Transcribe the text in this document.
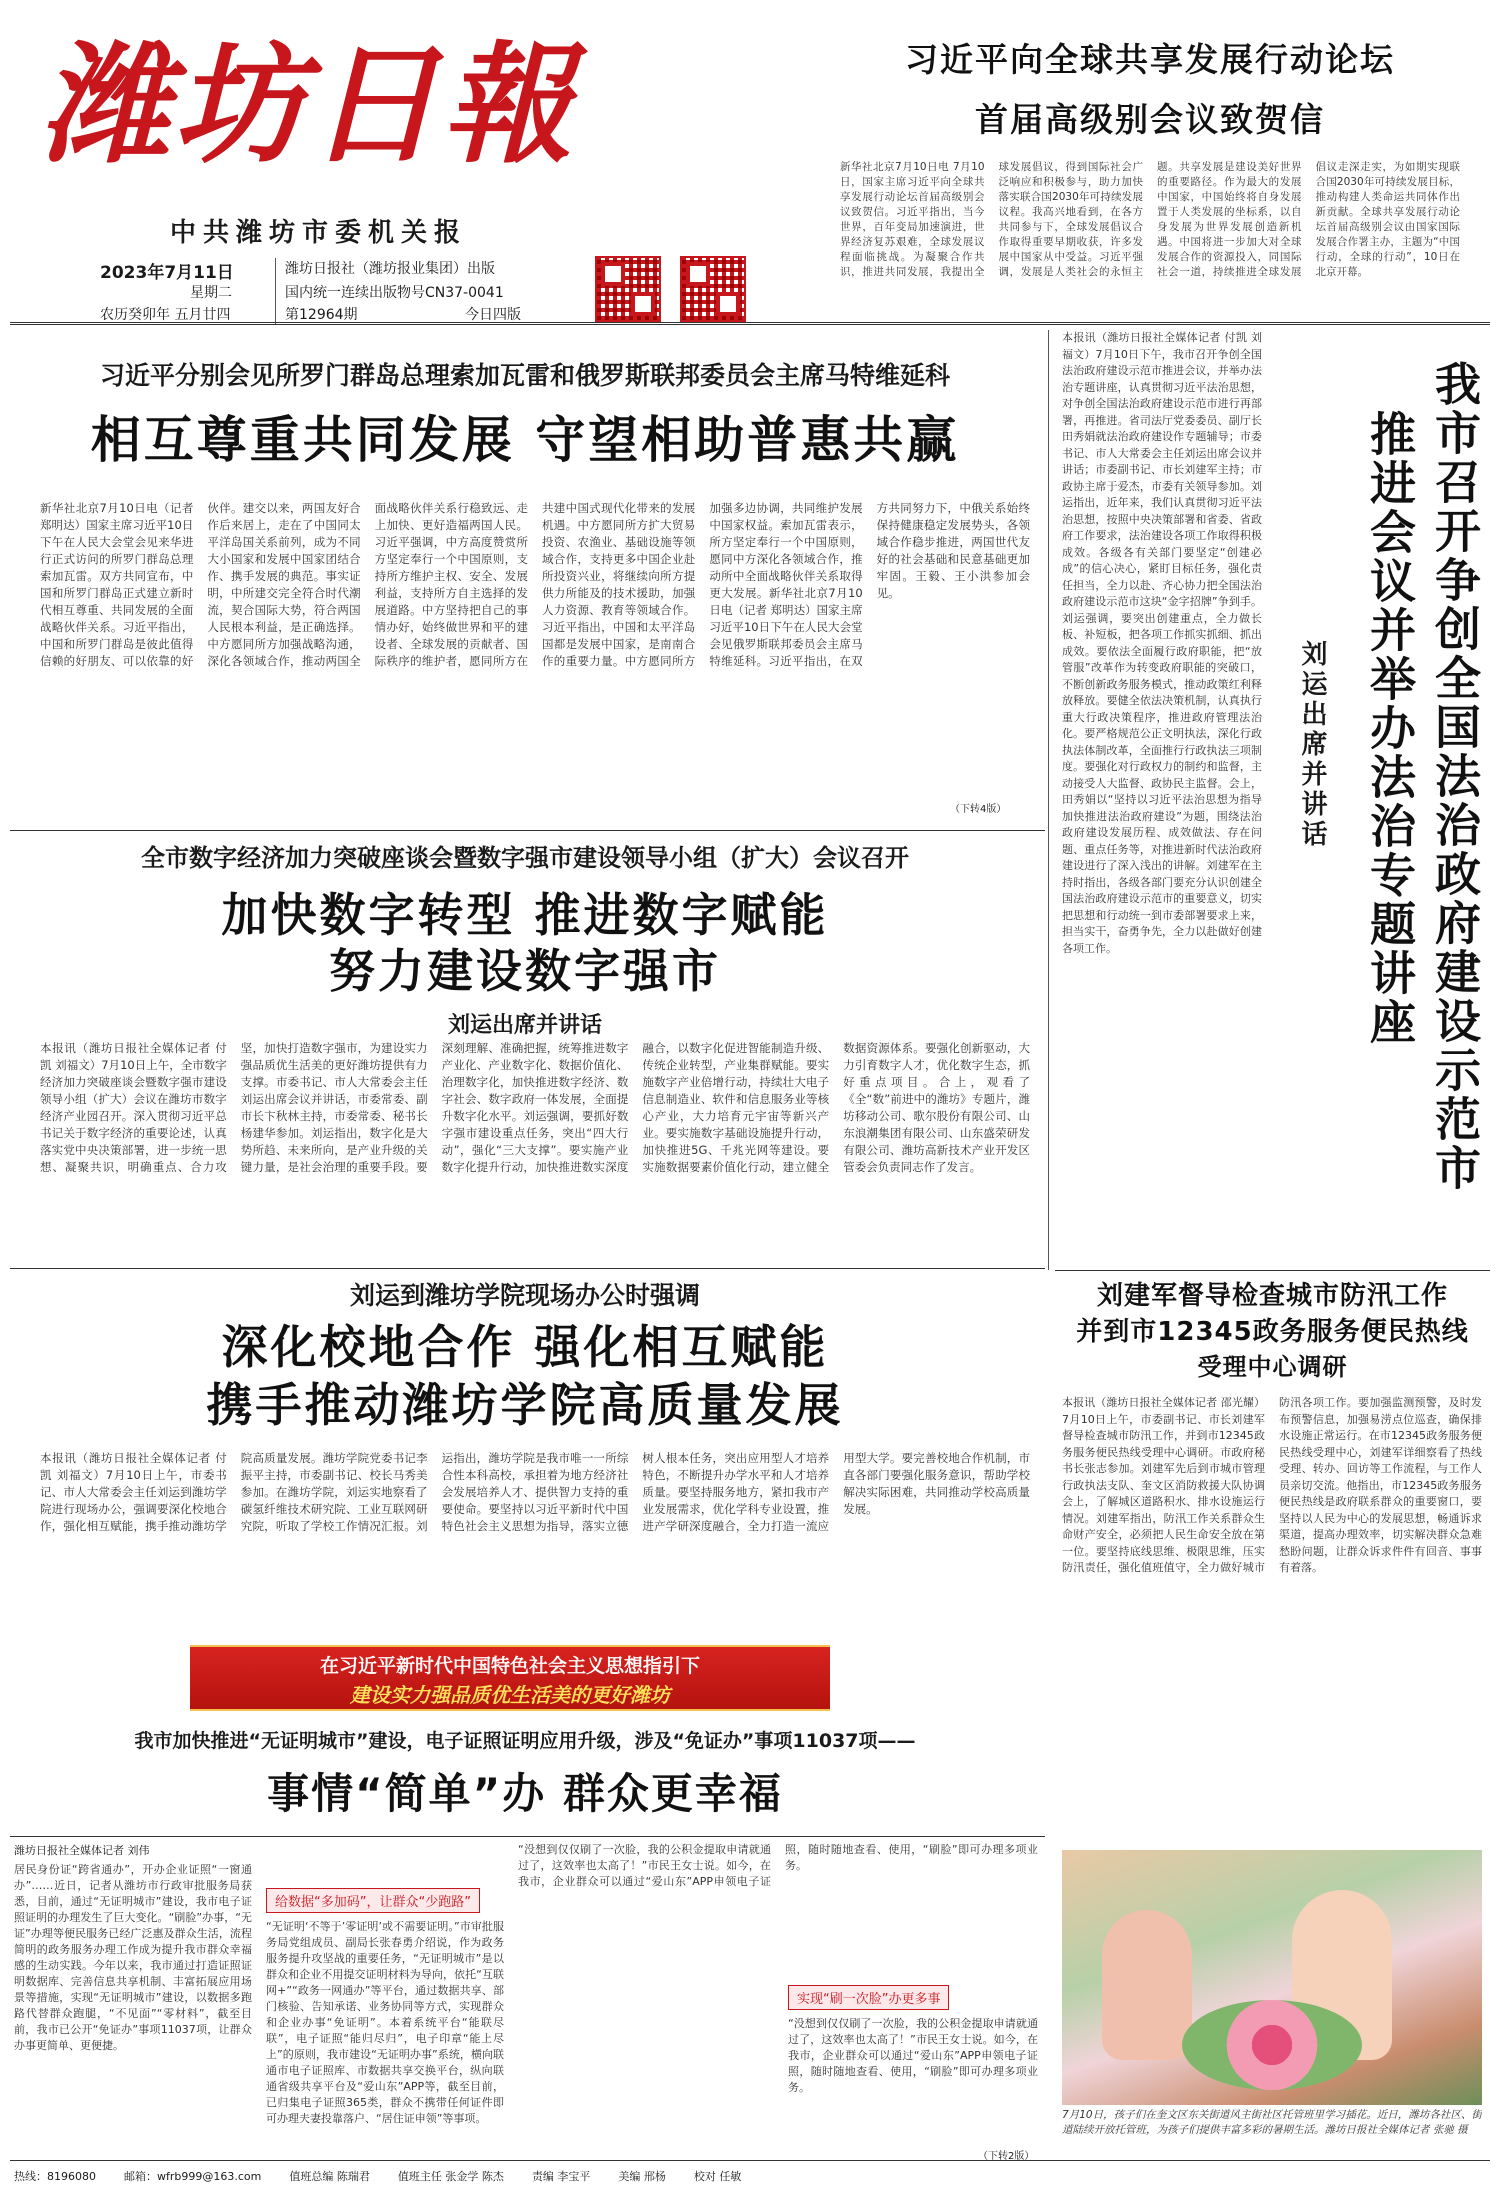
潍坊日報
中共潍坊市委机关报
2023年7月11日
星期二
农历癸卯年 五月廿四
潍坊日报社（潍坊报业集团）出版
国内统一连续出版物号CN37-0041
第12964期	今日四版
习近平向全球共享发展行动论坛
首届高级别会议致贺信
新华社北京7月10日电 7月10日，国家主席习近平向全球共享发展行动论坛首届高级别会议致贺信。习近平指出，当今世界，百年变局加速演进，世界经济复苏艰难，全球发展议程面临挑战。为凝聚合作共识，推进共同发展，我提出全球发展倡议，得到国际社会广泛响应和积极参与，助力加快落实联合国2030年可持续发展议程。我高兴地看到，在各方共同参与下，全球发展倡议合作取得重要早期收获，许多发展中国家从中受益。习近平强调，发展是人类社会的永恒主题。共享发展是建设美好世界的重要路径。作为最大的发展中国家，中国始终将自身发展置于人类发展的坐标系，以自身发展为世界发展创造新机遇。中国将进一步加大对全球发展合作的资源投入，同国际社会一道，持续推进全球发展倡议走深走实，为如期实现联合国2030年可持续发展目标，推动构建人类命运共同体作出新贡献。全球共享发展行动论坛首届高级别会议由国家国际发展合作署主办，主题为“中国行动，全球的行动”，10日在北京开幕。
习近平分别会见所罗门群岛总理索加瓦雷和俄罗斯联邦委员会主席马特维延科
相互尊重共同发展 守望相助普惠共赢
新华社北京7月10日电（记者 郑明达）国家主席习近平10日下午在人民大会堂会见来华进行正式访问的所罗门群岛总理索加瓦雷。双方共同宣布，中国和所罗门群岛正式建立新时代相互尊重、共同发展的全面战略伙伴关系。习近平指出，中国和所罗门群岛是彼此值得信赖的好朋友、可以依靠的好伙伴。建交以来，两国友好合作后来居上，走在了中国同太平洋岛国关系前列，成为不同大小国家和发展中国家团结合作、携手发展的典范。事实证明，中所建交完全符合时代潮流，契合国际大势，符合两国人民根本利益，是正确选择。中方愿同所方加强战略沟通，深化各领域合作，推动两国全面战略伙伴关系行稳致远、走上加快、更好造福两国人民。习近平强调，中方高度赞赏所方坚定奉行一个中国原则，支持所方维护主权、安全、发展利益，支持所方自主选择的发展道路。中方坚持把自己的事情办好，始终做世界和平的建设者、全球发展的贡献者、国际秩序的维护者，愿同所方在共建中国式现代化带来的发展机遇。中方愿同所方扩大贸易投资、农渔业、基础设施等领域合作，支持更多中国企业赴所投资兴业，将继续向所方提供力所能及的技术援助，加强人力资源、教育等领域合作。习近平指出，中国和太平洋岛国都是发展中国家，是南南合作的重要力量。中方愿同所方加强多边协调，共同维护发展中国家权益。索加瓦雷表示，所方坚定奉行一个中国原则，愿同中方深化各领域合作，推动所中全面战略伙伴关系取得更大发展。新华社北京7月10日电（记者 郑明达）国家主席习近平10日下午在人民大会堂会见俄罗斯联邦委员会主席马特维延科。习近平指出，在双方共同努力下，中俄关系始终保持健康稳定发展势头，各领域合作稳步推进，两国世代友好的社会基础和民意基础更加牢固。王毅、王小洪参加会见。
（下转4版）
本报讯（潍坊日报社全媒体记者 付凯 刘福文）7月10日下午，我市召开争创全国法治政府建设示范市推进会议，并举办法治专题讲座，认真贯彻习近平法治思想，对争创全国法治政府建设示范市进行再部署，再推进。省司法厅党委委员、副厅长田秀娟就法治政府建设作专题辅导；市委书记、市人大常委会主任刘运出席会议并讲话；市委副书记、市长刘建军主持；市政协主席于爱杰，市委有关领导参加。刘运指出，近年来，我们认真贯彻习近平法治思想，按照中央决策部署和省委、省政府工作要求，法治建设各项工作取得积极成效。各级各有关部门要坚定“创建必成”的信心决心，紧盯目标任务，强化责任担当，全力以赴、齐心协力把全国法治政府建设示范市这块“金字招牌”争到手。刘运强调，要突出创建重点，全力做长板、补短板，把各项工作抓实抓细、抓出成效。要依法全面履行政府职能，把“放管服”改革作为转变政府职能的突破口，不断创新政务服务模式，推动政策红利释放释放。要健全依法决策机制，认真执行重大行政决策程序，推进政府管理法治化。要严格规范公正文明执法，深化行政执法体制改革，全面推行行政执法三项制度。要强化对行政权力的制约和监督，主动接受人大监督、政协民主监督。会上，田秀娟以“坚持以习近平法治思想为指导加快推进法治政府建设”为题，围绕法治政府建设发展历程、成效做法、存在问题、重点任务等，对推进新时代法治政府建设进行了深入浅出的讲解。刘建军在主持时指出，各级各部门要充分认识创建全国法治政府建设示范市的重要意义，切实把思想和行动统一到市委部署要求上来，担当实干，奋勇争先，全力以赴做好创建各项工作。	我市召开争创全国法治政府建设示范市
推进会议并举办法治专题讲座
刘运出席并讲话
全市数字经济加力突破座谈会暨数字强市建设领导小组（扩大）会议召开
加快数字转型 推进数字赋能
努力建设数字强市
刘运出席并讲话
本报讯（潍坊日报社全媒体记者 付凯 刘福文）7月10日上午，全市数字经济加力突破座谈会暨数字强市建设领导小组（扩大）会议在潍坊市数字经济产业园召开。深入贯彻习近平总书记关于数字经济的重要论述，认真落实党中央决策部署，进一步统一思想、凝聚共识，明确重点、合力攻坚，加快打造数字强市，为建设实力强品质优生活美的更好潍坊提供有力支撑。市委书记、市人大常委会主任刘运出席会议并讲话，市委常委、副市长卞秋林主持，市委常委、秘书长杨建华参加。刘运指出，数字化是大势所趋、未来所向，是产业升级的关键力量，是社会治理的重要手段。要深刻理解、准确把握，统筹推进数字产业化、产业数字化、数据价值化、治理数字化，加快推进数字经济、数字社会、数字政府一体发展，全面提升数字化水平。刘运强调，要抓好数字强市建设重点任务，突出“四大行动”，强化“三大支撑”。要实施产业数字化提升行动，加快推进数实深度融合，以数字化促进智能制造升级、传统企业转型，产业集群赋能。要实施数字产业倍增行动，持续壮大电子信息制造业、软件和信息服务业等核心产业，大力培育元宇宙等新兴产业。要实施数字基础设施提升行动，加快推进5G、千兆光网等建设。要实施数据要素价值化行动，建立健全数据资源体系。要强化创新驱动，大力引育数字人才，优化数字生态，抓好重点项目。合上，观看了《全“数”前进中的潍坊》专题片，潍坊移动公司、歌尔股份有限公司、山东浪潮集团有限公司、山东盛荣研发有限公司、潍坊高新技术产业开发区管委会负责同志作了发言。
刘运到潍坊学院现场办公时强调
深化校地合作 强化相互赋能
携手推动潍坊学院高质量发展
本报讯（潍坊日报社全媒体记者 付凯 刘福文）7月10日上午，市委书记、市人大常委会主任刘运到潍坊学院进行现场办公，强调要深化校地合作，强化相互赋能，携手推动潍坊学院高质量发展。潍坊学院党委书记李振平主持，市委副书记、校长马秀美参加。在潍坊学院，刘运实地察看了碳氢纤维技术研究院、工业互联网研究院，听取了学校工作情况汇报。刘运指出，潍坊学院是我市唯一一所综合性本科高校，承担着为地方经济社会发展培养人才、提供智力支持的重要使命。要坚持以习近平新时代中国特色社会主义思想为指导，落实立德树人根本任务，突出应用型人才培养特色，不断提升办学水平和人才培养质量。要坚持服务地方，紧扣我市产业发展需求，优化学科专业设置，推进产学研深度融合，全力打造一流应用型大学。要完善校地合作机制，市直各部门要强化服务意识，帮助学校解决实际困难，共同推动学校高质量发展。
刘建军督导检查城市防汛工作
并到市12345政务服务便民热线
受理中心调研
本报讯（潍坊日报社全媒体记者 邵光耀）7月10日上午，市委副书记、市长刘建军督导检查城市防汛工作，并到市12345政务服务便民热线受理中心调研。市政府秘书长张志参加。刘建军先后到市城市管理行政执法支队、奎文区消防救援大队协调会上，了解城区道路积水、排水设施运行情况。刘建军指出，防汛工作关系群众生命财产安全，必须把人民生命安全放在第一位。要坚持底线思维、极限思维，压实防汛责任，强化值班值守，全力做好城市防汛各项工作。要加强监测预警，及时发布预警信息，加强易涝点位巡查，确保排水设施正常运行。在市12345政务服务便民热线受理中心，刘建军详细察看了热线受理、转办、回访等工作流程，与工作人员亲切交流。他指出，市12345政务服务便民热线是政府联系群众的重要窗口，要坚持以人民为中心的发展思想，畅通诉求渠道，提高办理效率，切实解决群众急难愁盼问题，让群众诉求件件有回音、事事有着落。
7月10日，孩子们在奎文区东关街道风主街社区托管班里学习插花。近日，潍坊各社区、街道陆续开放托管班，为孩子们提供丰富多彩的暑期生活。潍坊日报社全媒体记者 张驰 摄
在习近平新时代中国特色社会主义思想指引下
建设实力强品质优生活美的更好潍坊
我市加快推进“无证明城市”建设，电子证照证明应用升级，涉及“免证办”事项11037项——
事情“简单”办 群众更幸福
潍坊日报社全媒体记者 刘伟
居民身份证“跨省通办”，开办企业证照“一窗通办”……近日，记者从潍坊市行政审批服务局获悉，目前，通过“无证明城市”建设，我市电子证照证明的办理发生了巨大变化。“刷脸”办事，“无证”办理等便民服务已经广泛惠及群众生活，流程简明的政务服务办理工作成为提升我市群众幸福感的生动实践。今年以来，我市通过打造证照证明数据库、完善信息共享机制、丰富拓展应用场景等措施，实现“无证明城市”建设，以数据多跑路代替群众跑腿，“不见面”“零材料”，截至目前，我市已公开“免证办”事项11037项，让群众办事更简单、更便捷。
给数据“多加码”，让群众“少跑路”
“无证明‘不等于’零证明’或不需要证明。”市审批服务局党组成员、副局长张春勇介绍说，作为政务服务提升攻坚战的重要任务，“无证明城市”是以群众和企业不用提交证明材料为导向，依托“互联网+”“政务一网通办”等平台，通过数据共享、部门核验、告知承诺、业务协同等方式，实现群众和企业办事“免证明”。本着系统平台“能联尽联”，电子证照“能归尽归”，电子印章“能上尽上”的原则，我市建设“无证明办事”系统，横向联通市电子证照库、市数据共享交换平台，纵向联通省级共享平台及“爱山东”APP等，截至目前，已归集电子证照365类，群众不携带任何证件即可办理夫妻投靠落户、“居住证申领”等事项。
“没想到仅仅刷了一次脸，我的公积金提取申请就通过了，这效率也太高了！”市民王女士说。如今，在我市，企业群众可以通过“爱山东”APP申领电子证照，随时随地查看、使用，“刷脸”即可办理多项业务。
实现“刷一次脸”办更多事
“没想到仅仅刷了一次脸，我的公积金提取申请就通过了，这效率也太高了！”市民王女士说。如今，在我市，企业群众可以通过“爱山东”APP申领电子证照，随时随地查看、使用，“刷脸”即可办理多项业务。
（下转2版）
热线：8196080	邮箱：wfrb999@163.com	值班总编 陈瑞君	值班主任 张金学 陈杰	责编 李宝平	美编 邢杨	校对 任敏
